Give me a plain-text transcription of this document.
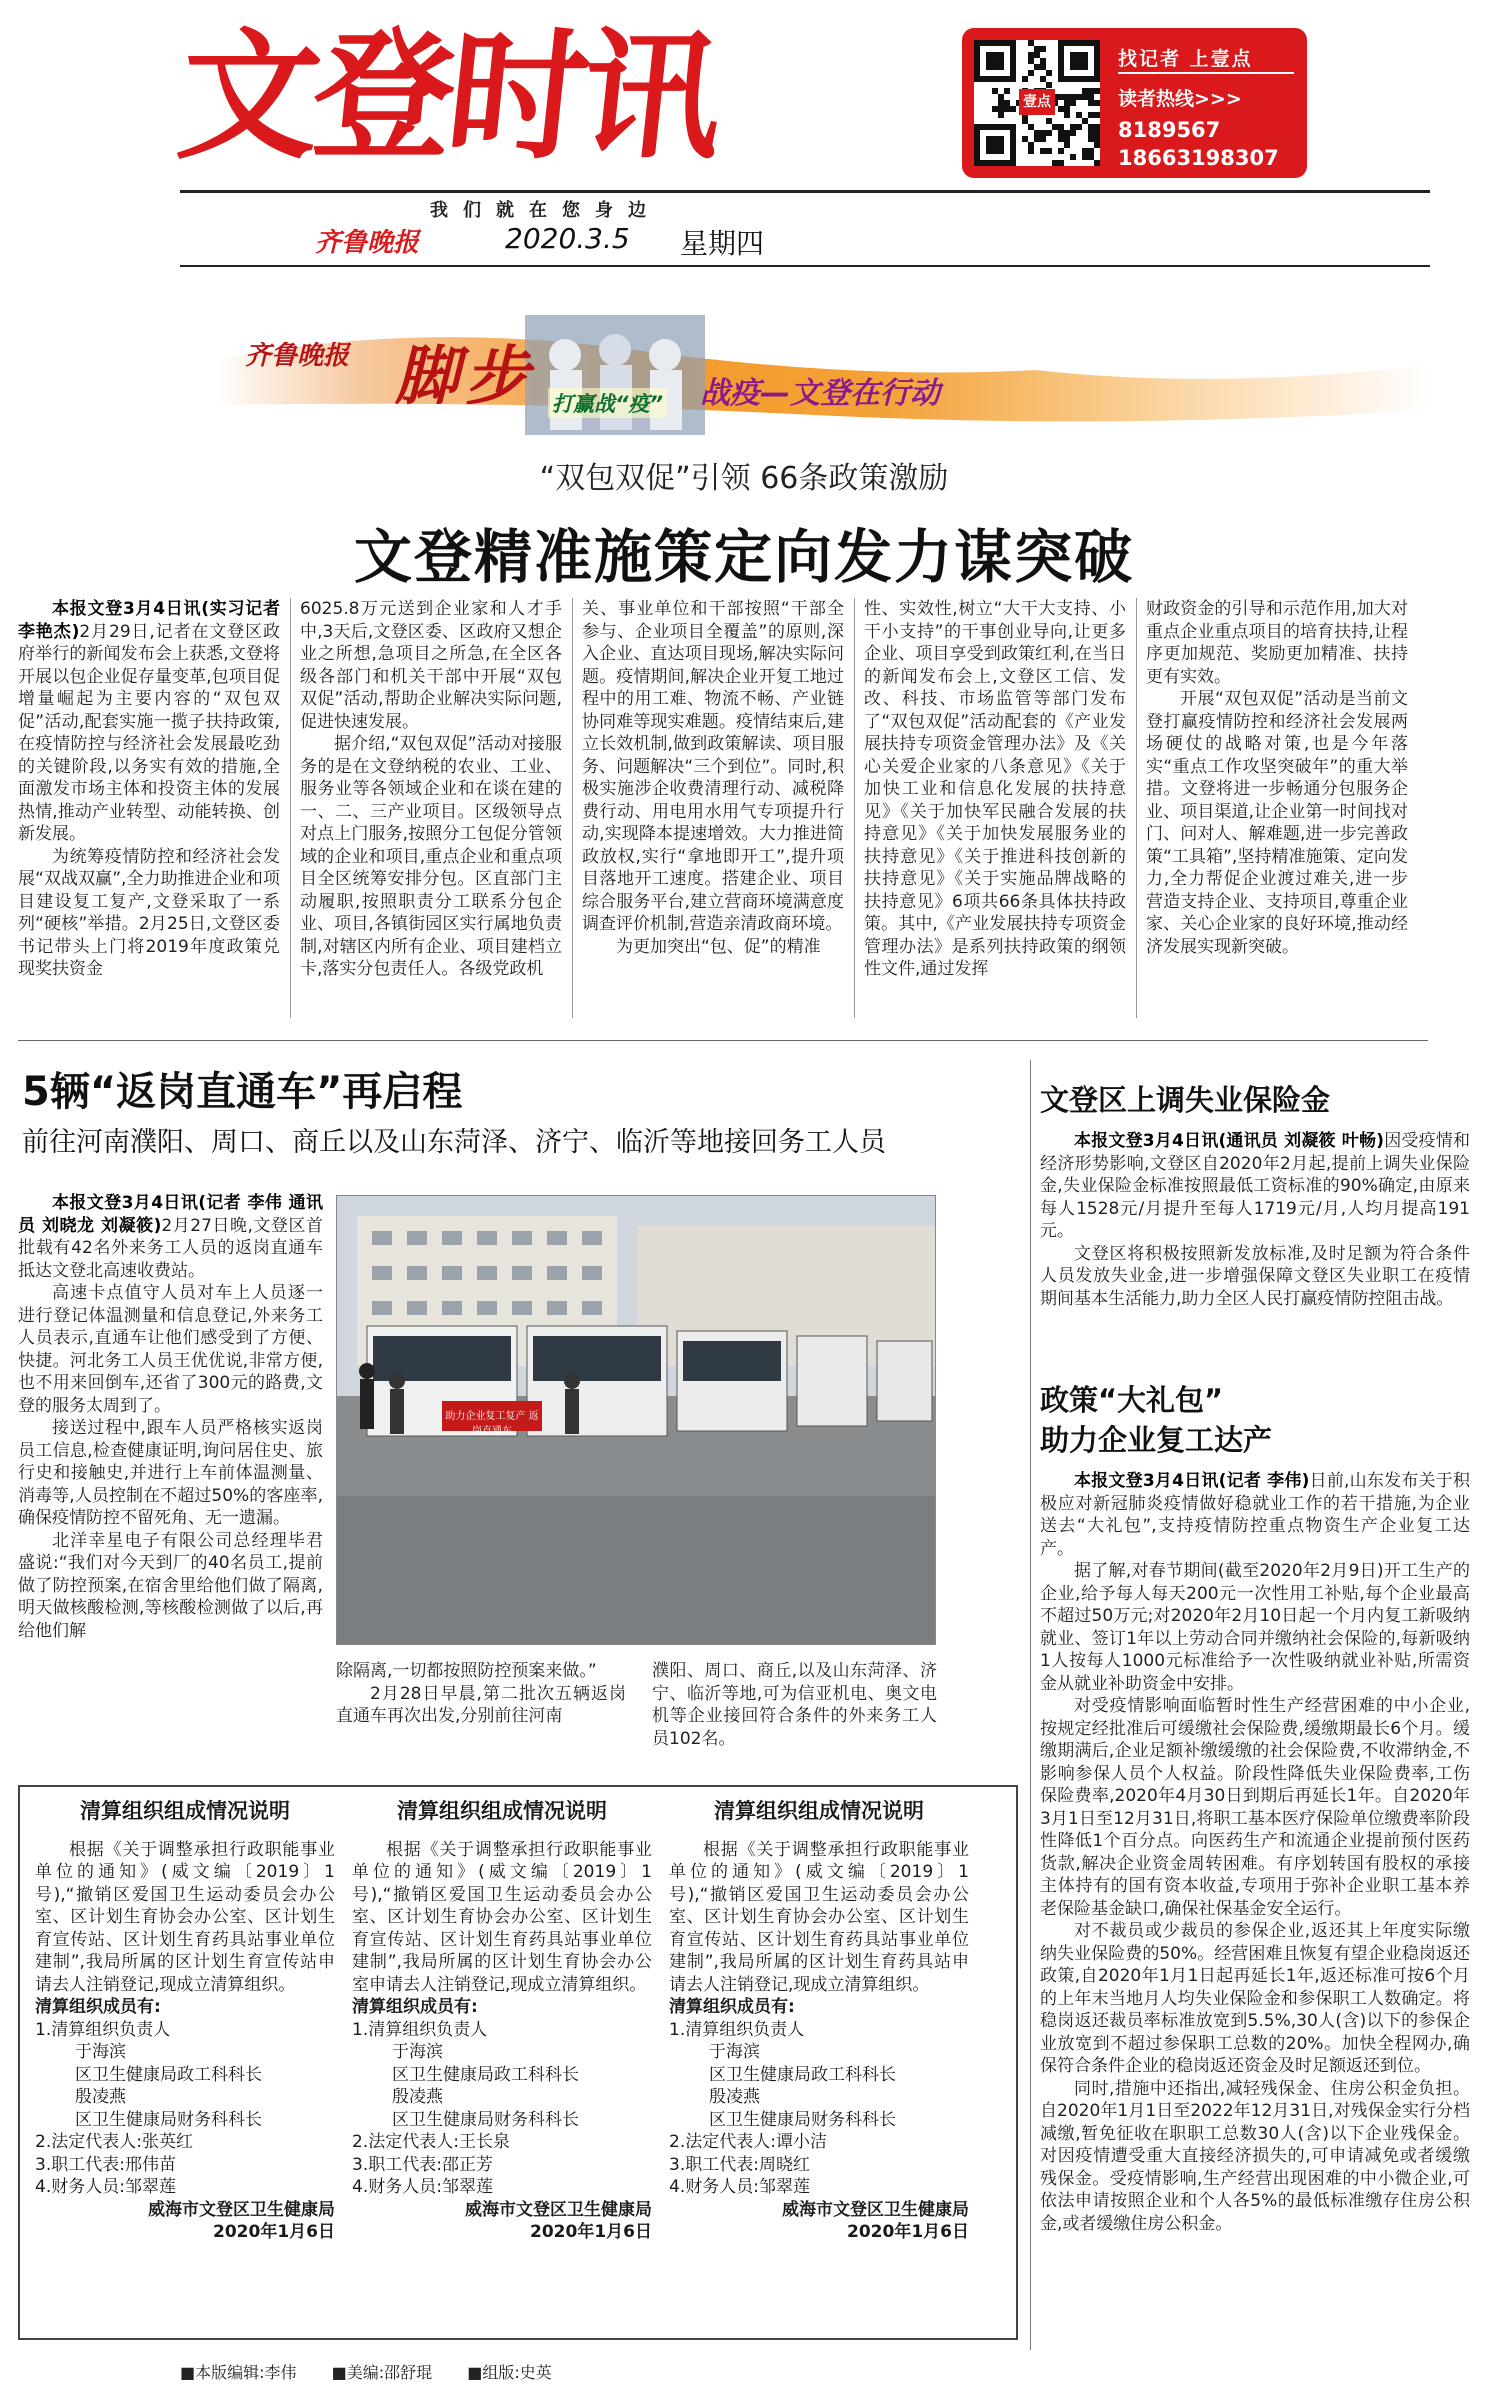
文登时讯
我们就在您身边
齐鲁晚报	2020.3.5 星期四
壹点
找记者 上壹点
读者热线>>>
8189567
18663198307
齐鲁晚报 脚步 打赢战“疫” 战疫—文登在行动
“双包双促”引领 66条政策激励
文登精准施策定向发力谋突破

本报文登3月4日讯(实习记者 李艳杰)2月29日,记者在文登区政府举行的新闻发布会上获悉,文登将开展以包企业促存量变革,包项目促增量崛起为主要内容的“双包双促”活动,配套实施一揽子扶持政策,在疫情防控与经济社会发展最吃劲的关键阶段,以务实有效的措施,全面激发市场主体和投资主体的发展热情,推动产业转型、动能转换、创新发展。

为统筹疫情防控和经济社会发展“双战双赢”,全力助推进企业和项目建设复工复产,文登采取了一系列“硬核”举措。2月25日,文登区委书记带头上门将2019年度政策兑现奖扶资金

6025.8万元送到企业家和人才手中,3天后,文登区委、区政府又想企业之所想,急项目之所急,在全区各级各部门和机关干部中开展“双包双促”活动,帮助企业解决实际问题,促进快速发展。

据介绍,“双包双促”活动对接服务的是在文登纳税的农业、工业、服务业等各领域企业和在谈在建的一、二、三产业项目。区级领导点对点上门服务,按照分工包促分管领域的企业和项目,重点企业和重点项目全区统筹安排分包。区直部门主动履职,按照职责分工联系分包企业、项目,各镇街园区实行属地负责制,对辖区内所有企业、项目建档立卡,落实分包责任人。各级党政机

关、事业单位和干部按照“干部全参与、企业项目全覆盖”的原则,深入企业、直达项目现场,解决实际问题。疫情期间,解决企业开复工地过程中的用工难、物流不畅、产业链协同难等现实难题。疫情结束后,建立长效机制,做到政策解读、项目服务、问题解决“三个到位”。同时,积极实施涉企收费清理行动、减税降费行动、用电用水用气专项提升行动,实现降本提速增效。大力推进简政放权,实行“拿地即开工”,提升项目落地开工速度。搭建企业、项目综合服务平台,建立营商环境满意度调查评价机制,营造亲清政商环境。

为更加突出“包、促”的精准

性、实效性,树立“大干大支持、小干小支持”的干事创业导向,让更多企业、项目享受到政策红利,在当日的新闻发布会上,文登区工信、发改、科技、市场监管等部门发布了“双包双促”活动配套的《产业发展扶持专项资金管理办法》及《关心关爱企业家的八条意见》《关于加快工业和信息化发展的扶持意见》《关于加快军民融合发展的扶持意见》《关于加快发展服务业的扶持意见》《关于推进科技创新的扶持意见》《关于实施品牌战略的扶持意见》6项共66条具体扶持政策。其中,《产业发展扶持专项资金管理办法》是系列扶持政策的纲领性文件,通过发挥

财政资金的引导和示范作用,加大对重点企业重点项目的培育扶持,让程序更加规范、奖励更加精准、扶持更有实效。

开展“双包双促”活动是当前文登打赢疫情防控和经济社会发展两场硬仗的战略对策,也是今年落实“重点工作攻坚突破年”的重大举措。文登将进一步畅通分包服务企业、项目渠道,让企业第一时间找对门、问对人、解难题,进一步完善政策“工具箱”,坚持精准施策、定向发力,全力帮促企业渡过难关,进一步营造支持企业、支持项目,尊重企业家、关心企业家的良好环境,推动经济发展实现新突破。

5辆“返岗直通车”再启程
前往河南濮阳、周口、商丘以及山东菏泽、济宁、临沂等地接回务工人员

本报文登3月4日讯(记者 李伟 通讯员 刘晓龙 刘凝筱)2月27日晚,文登区首批载有42名外来务工人员的返岗直通车抵达文登北高速收费站。

高速卡点值守人员对车上人员逐一进行登记体温测量和信息登记,外来务工人员表示,直通车让他们感受到了方便、快捷。河北务工人员王优优说,非常方便,也不用来回倒车,还省了300元的路费,文登的服务太周到了。

接送过程中,跟车人员严格核实返岗员工信息,检查健康证明,询问居住史、旅行史和接触史,并进行上车前体温测量、消毒等,人员控制在不超过50%的客座率,确保疫情防控不留死角、无一遗漏。

北洋幸星电子有限公司总经理毕君盛说:“我们对今天到厂的40名员工,提前做了防控预案,在宿舍里给他们做了隔离,明天做核酸检测,等核酸检测做了以后,再给他们解

助力企业复工复产 返岗直通车

除隔离,一切都按照防控预案来做。”

2月28日早晨,第二批次五辆返岗直通车再次出发,分别前往河南

濮阳、周口、商丘,以及山东菏泽、济宁、临沂等地,可为信亚机电、奥文电机等企业接回符合条件的外来务工人员102名。

文登区上调失业保险金

本报文登3月4日讯(通讯员 刘凝筱 叶畅)因受疫情和经济形势影响,文登区自2020年2月起,提前上调失业保险金,失业保险金标准按照最低工资标准的90%确定,由原来每人1528元/月提升至每人1719元/月,人均月提高191元。

文登区将积极按照新发放标准,及时足额为符合条件人员发放失业金,进一步增强保障文登区失业职工在疫情期间基本生活能力,助力全区人民打赢疫情防控阻击战。

政策“大礼包”
助力企业复工达产

本报文登3月4日讯(记者 李伟)日前,山东发布关于积极应对新冠肺炎疫情做好稳就业工作的若干措施,为企业送去“大礼包”,支持疫情防控重点物资生产企业复工达产。

据了解,对春节期间(截至2020年2月9日)开工生产的企业,给予每人每天200元一次性用工补贴,每个企业最高不超过50万元;对2020年2月10日起一个月内复工新吸纳就业、签订1年以上劳动合同并缴纳社会保险的,每新吸纳1人按每人1000元标准给予一次性吸纳就业补贴,所需资金从就业补助资金中安排。

对受疫情影响面临暂时性生产经营困难的中小企业,按规定经批准后可缓缴社会保险费,缓缴期最长6个月。缓缴期满后,企业足额补缴缓缴的社会保险费,不收滞纳金,不影响参保人员个人权益。阶段性降低失业保险费率,工伤保险费率,2020年4月30日到期后再延长1年。自2020年3月1日至12月31日,将职工基本医疗保险单位缴费率阶段性降低1个百分点。向医药生产和流通企业提前预付医药货款,解决企业资金周转困难。有序划转国有股权的承接主体持有的国有资本收益,专项用于弥补企业职工基本养老保险基金缺口,确保社保基金安全运行。

对不裁员或少裁员的参保企业,返还其上年度实际缴纳失业保险费的50%。经营困难且恢复有望企业稳岗返还政策,自2020年1月1日起再延长1年,返还标准可按6个月的上年末当地月人均失业保险金和参保职工人数确定。将稳岗返还裁员率标准放宽到5.5%,30人(含)以下的参保企业放宽到不超过参保职工总数的20%。加快全程网办,确保符合条件企业的稳岗返还资金及时足额返还到位。

同时,措施中还指出,减轻残保金、住房公积金负担。自2020年1月1日至2022年12月31日,对残保金实行分档减缴,暂免征收在职职工总数30人(含)以下企业残保金。对因疫情遭受重大直接经济损失的,可申请减免或者缓缴残保金。受疫情影响,生产经营出现困难的中小微企业,可依法申请按照企业和个人各5%的最低标准缴存住房公积金,或者缓缴住房公积金。

清算组织组成情况说明

根据《关于调整承担行政职能事业单位的通知》(威文编〔2019〕1号),“撤销区爱国卫生运动委员会办公室、区计划生育协会办公室、区计划生育宣传站、区计划生育药具站事业单位建制”,我局所属的区计划生育宣传站申请去人注销登记,现成立清算组织。

清算组织成员有:
1.清算组织负责人
于海滨
区卫生健康局政工科科长
殷凌燕
区卫生健康局财务科科长
2.法定代表人:张英红
3.职工代表:邢伟苗
4.财务人员:邹翠莲
威海市文登区卫生健康局
2020年1月6日
清算组织组成情况说明

根据《关于调整承担行政职能事业单位的通知》(威文编〔2019〕1号),“撤销区爱国卫生运动委员会办公室、区计划生育协会办公室、区计划生育宣传站、区计划生育药具站事业单位建制”,我局所属的区计划生育协会办公室申请去人注销登记,现成立清算组织。

清算组织成员有:
1.清算组织负责人
于海滨
区卫生健康局政工科科长
殷凌燕
区卫生健康局财务科科长
2.法定代表人:王长泉
3.职工代表:邵正芳
4.财务人员:邹翠莲
威海市文登区卫生健康局
2020年1月6日
清算组织组成情况说明

根据《关于调整承担行政职能事业单位的通知》(威文编〔2019〕1号),“撤销区爱国卫生运动委员会办公室、区计划生育协会办公室、区计划生育宣传站、区计划生育药具站事业单位建制”,我局所属的区计划生育药具站申请去人注销登记,现成立清算组织。

清算组织成员有:
1.清算组织负责人
于海滨
区卫生健康局政工科科长
殷凌燕
区卫生健康局财务科科长
2.法定代表人:谭小洁
3.职工代表:周晓红
4.财务人员:邹翠莲
威海市文登区卫生健康局
2020年1月6日
■本版编辑:李伟 ■美编:邵舒琨 ■组版:史英
